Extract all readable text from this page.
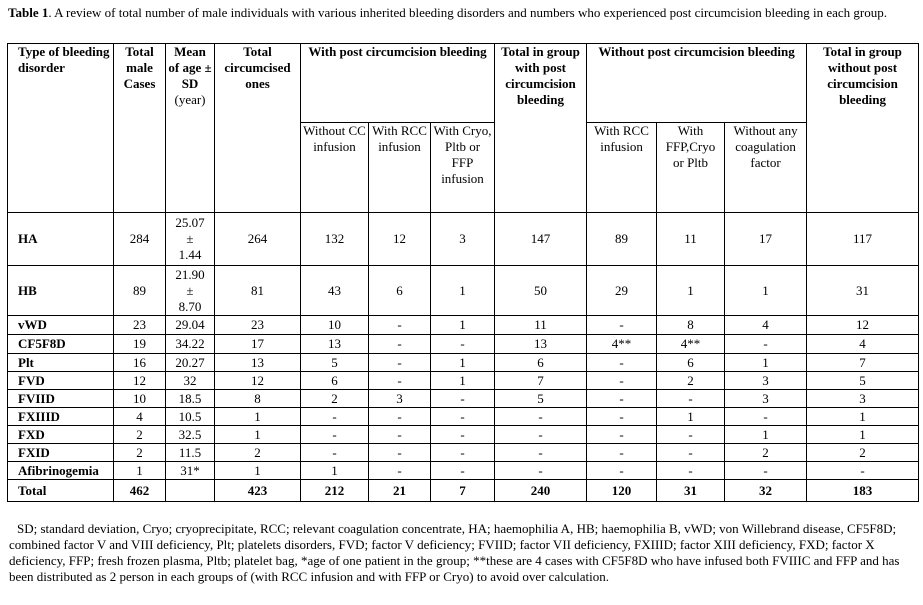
Table 1. A review of total number of male individuals with various inherited bleeding disorders and numbers who experienced post circumcision bleeding in each group.
Type of bleeding disorder	Total male Cases	Mean of age ± SD
(year)	Total circumcised ones	With post circumcision bleeding			Total in group with post circumcision bleeding	Without post circumcision bleeding			Total in group without post circumcision bleeding
				Without CC infusion	With RCC infusion	With Cryo, Pltb or FFP infusion		With RCC infusion	With FFP,Cryo or Pltb	Without any coagulation factor	
HA	284	25.07
±
1.44	264	132	12	3	147	89	11	17	117
HB	89	21.90
±
8.70	81	43	6	1	50	29	1	1	31
vWD	23	29.04	23	10	-	1	11	-	8	4	12
CF5F8D	19	34.22	17	13	-	-	13	4**	4**	-	4
Plt	16	20.27	13	5	-	1	6	-	6	1	7
FVD	12	32	12	6	-	1	7	-	2	3	5
FVIID	10	18.5	8	2	3	-	5	-	-	3	3
FXIIID	4	10.5	1	-	-	-	-	-	1	-	1
FXD	2	32.5	1	-	-	-	-	-	-	1	1
FXID	2	11.5	2	-	-	-	-	-	-	2	2
Afibrinogemia	1	31*	1	1	-	-	-	-	-	-	-
Total	462		423	212	21	7	240	120	31	32	183
SD; standard deviation, Cryo; cryoprecipitate, RCC; relevant coagulation concentrate, HA; haemophilia A, HB; haemophilia B, vWD; von Willebrand disease, CF5F8D; combined factor V and VIII deficiency, Plt; platelets disorders, FVD; factor V deficiency; FVIID; factor VII deficiency, FXIIID; factor XIII deficiency, FXD; factor X deficiency, FFP; fresh frozen plasma, Pltb; platelet bag, *age of one patient in the group; **these are 4 cases with CF5F8D who have infused both FVIIIC and FFP and has been distributed as 2 person in each groups of (with RCC infusion and with FFP or Cryo) to avoid over calculation.
